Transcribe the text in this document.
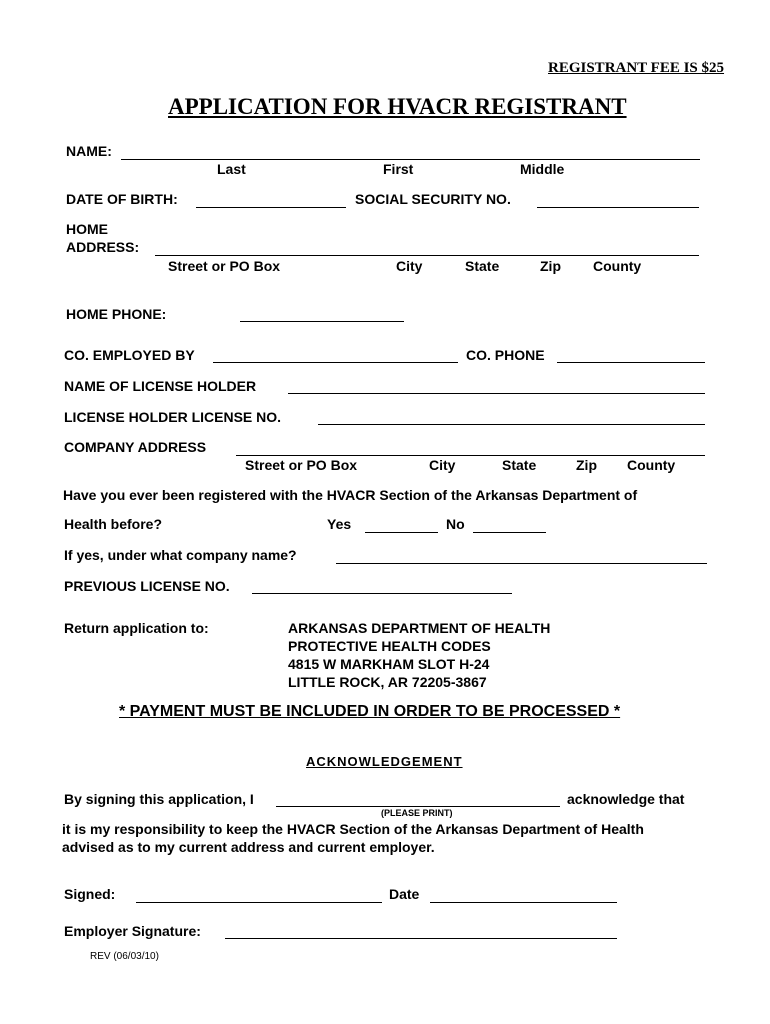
REGISTRANT FEE IS $25
APPLICATION FOR HVACR REGISTRANT
NAME:
Last	First	Middle
DATE OF BIRTH:	SOCIAL SECURITY NO.
HOME
ADDRESS:
Street or PO Box	City	State	Zip County
HOME PHONE:
CO. EMPLOYED BY	CO. PHONE
NAME OF LICENSE HOLDER
LICENSE HOLDER LICENSE NO.
COMPANY ADDRESS
Street or PO Box	City	State	Zip County
Have you ever been registered with the HVACR Section of the Arkansas Department of
Health before?	Yes	No
If yes, under what company name?
PREVIOUS LICENSE NO.
Return application to:	ARKANSAS DEPARTMENT OF HEALTH
PROTECTIVE HEALTH CODES
4815 W MARKHAM SLOT H-24
LITTLE ROCK, AR 72205-3867
* PAYMENT MUST BE INCLUDED IN ORDER TO BE PROCESSED *
ACKNOWLEDGEMENT
By signing this application, I
(PLEASE PRINT)
acknowledge that
it is my responsibility to keep the HVACR Section of the Arkansas Department of Health
advised as to my current address and current employer.
Signed:	Date
Employer Signature:
REV (06/03/10)
